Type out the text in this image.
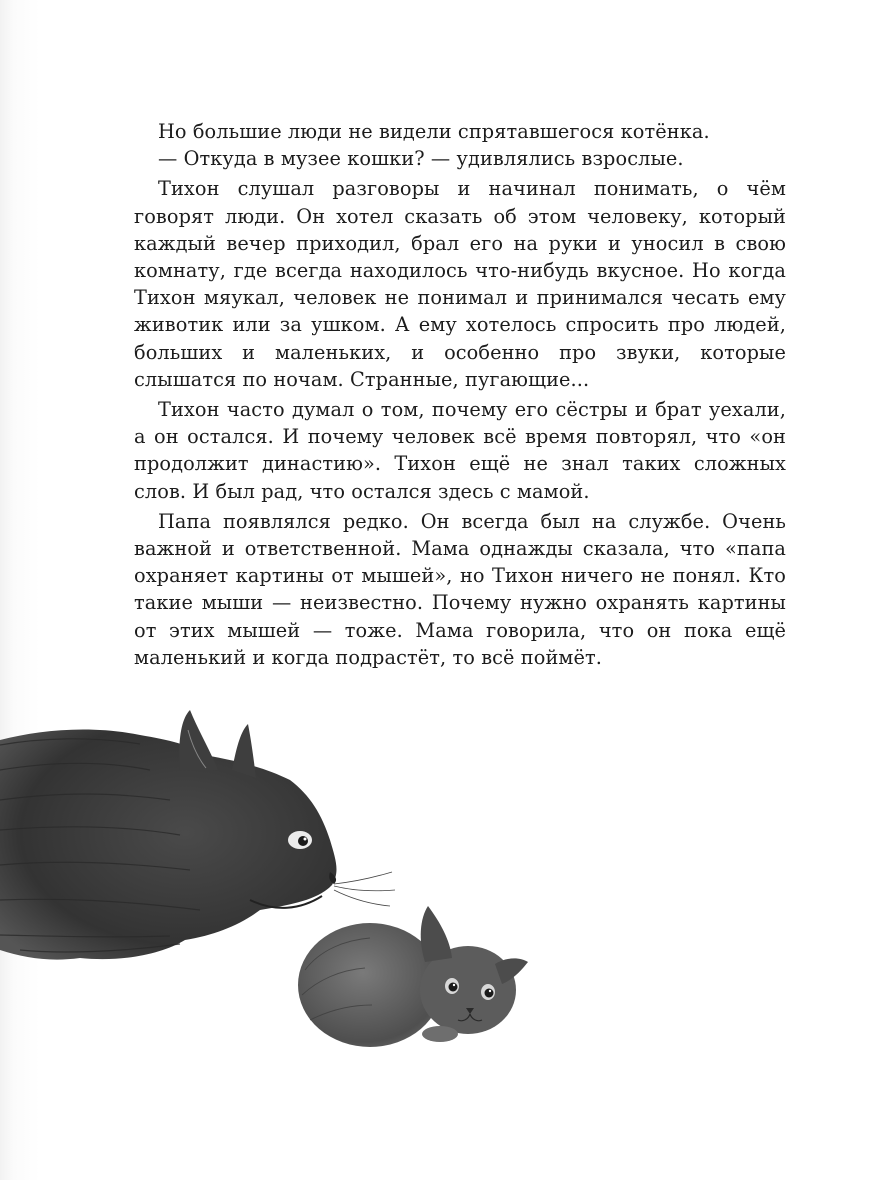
Но большие люди не видели спрятавшегося котёнка.

— Откуда в музее кошки? — удивлялись взрослые.

Тихон слушал разговоры и начинал понимать, о чём говорят люди. Он хотел сказать об этом человеку, который каждый вечер приходил, брал его на руки и уносил в свою комнату, где всегда находилось что-нибудь вкусное. Но когда Тихон мяукал, человек не понимал и принимался чесать ему животик или за ушком. А ему хотелось спросить про людей, больших и маленьких, и особенно про звуки, которые слышатся по ночам. Странные, пугающие...

Тихон часто думал о том, почему его сёстры и брат уехали, а он остался. И почему человек всё время повторял, что «он продолжит династию». Тихон ещё не знал таких сложных слов. И был рад, что остался здесь с мамой.

Папа появлялся редко. Он всегда был на службе. Очень важной и ответственной. Мама однажды сказала, что «папа охраняет картины от мышей», но Тихон ничего не понял. Кто такие мыши — неизвестно. Почему нужно охранять картины от этих мышей — тоже. Мама говорила, что он пока ещё маленький и когда подрастёт, то всё поймёт.
